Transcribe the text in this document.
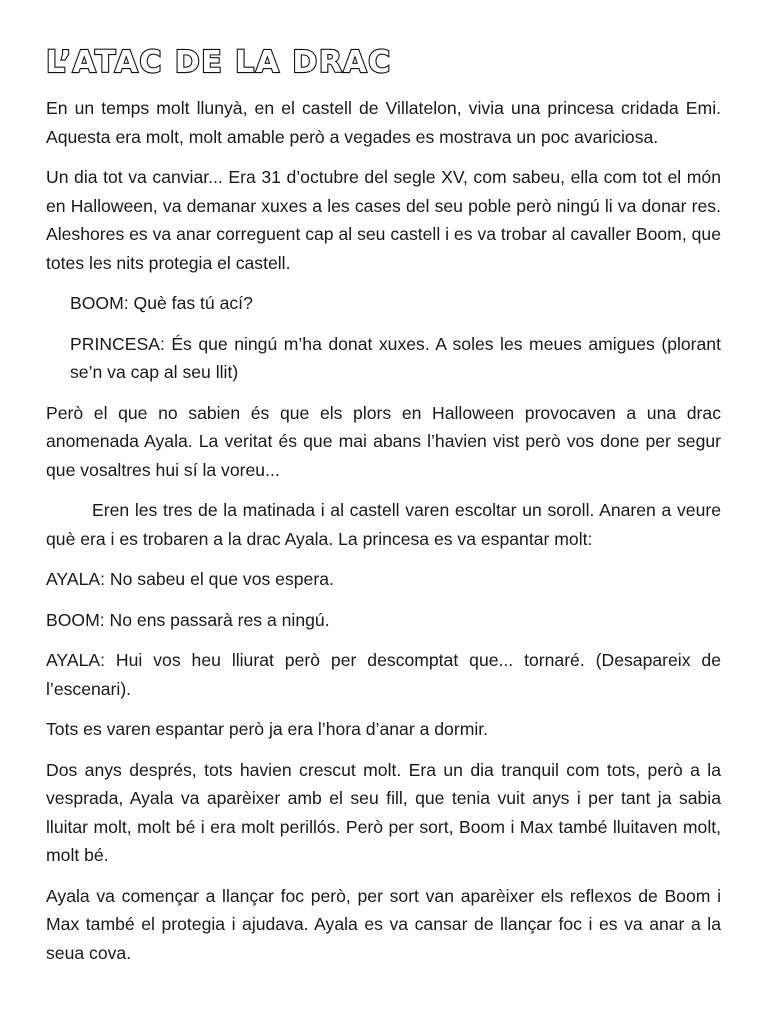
L’ATAC DE LA DRAC

En un temps molt llunyà, en el castell de Villatelon, vivia una princesa cridada Emi. Aquesta era molt, molt amable però a vegades es mostrava un poc avariciosa.

Un dia tot va canviar... Era 31 d’octubre del segle XV, com sabeu, ella com tot el món en Halloween, va demanar xuxes a les cases del seu poble però ningú li va donar res. Aleshores es va anar correguent cap al seu castell i es va trobar al cavaller Boom, que totes les nits protegia el castell.

BOOM: Què fas tú ací?

PRINCESA: És que ningú m’ha donat xuxes. A soles les meues amigues (plorant se’n va cap al seu llit)

Però el que no sabien és que els plors en Halloween provocaven a una drac anomenada Ayala. La veritat és que mai abans l’havien vist però vos done per segur que vosaltres hui sí la voreu...

Eren les tres de la matinada i al castell varen escoltar un soroll. Anaren a veure què era i es trobaren a la drac Ayala. La princesa es va espantar molt:

AYALA: No sabeu el que vos espera.

BOOM: No ens passarà res a ningú.

AYALA: Hui vos heu lliurat però per descomptat que... tornaré. (Desapareix de l’escenari).

Tots es varen espantar però ja era l’hora d’anar a dormir.

Dos anys després, tots havien crescut molt. Era un dia tranquil com tots, però a la vesprada, Ayala va aparèixer amb el seu fill, que tenia vuit anys i per tant ja sabia lluitar molt, molt bé i era molt perillós. Però per sort, Boom i Max també lluitaven molt, molt bé.

Ayala va començar a llançar foc però, per sort van aparèixer els reflexos de Boom i Max també el protegia i ajudava. Ayala es va cansar de llançar foc i es va anar a la seua cova.
